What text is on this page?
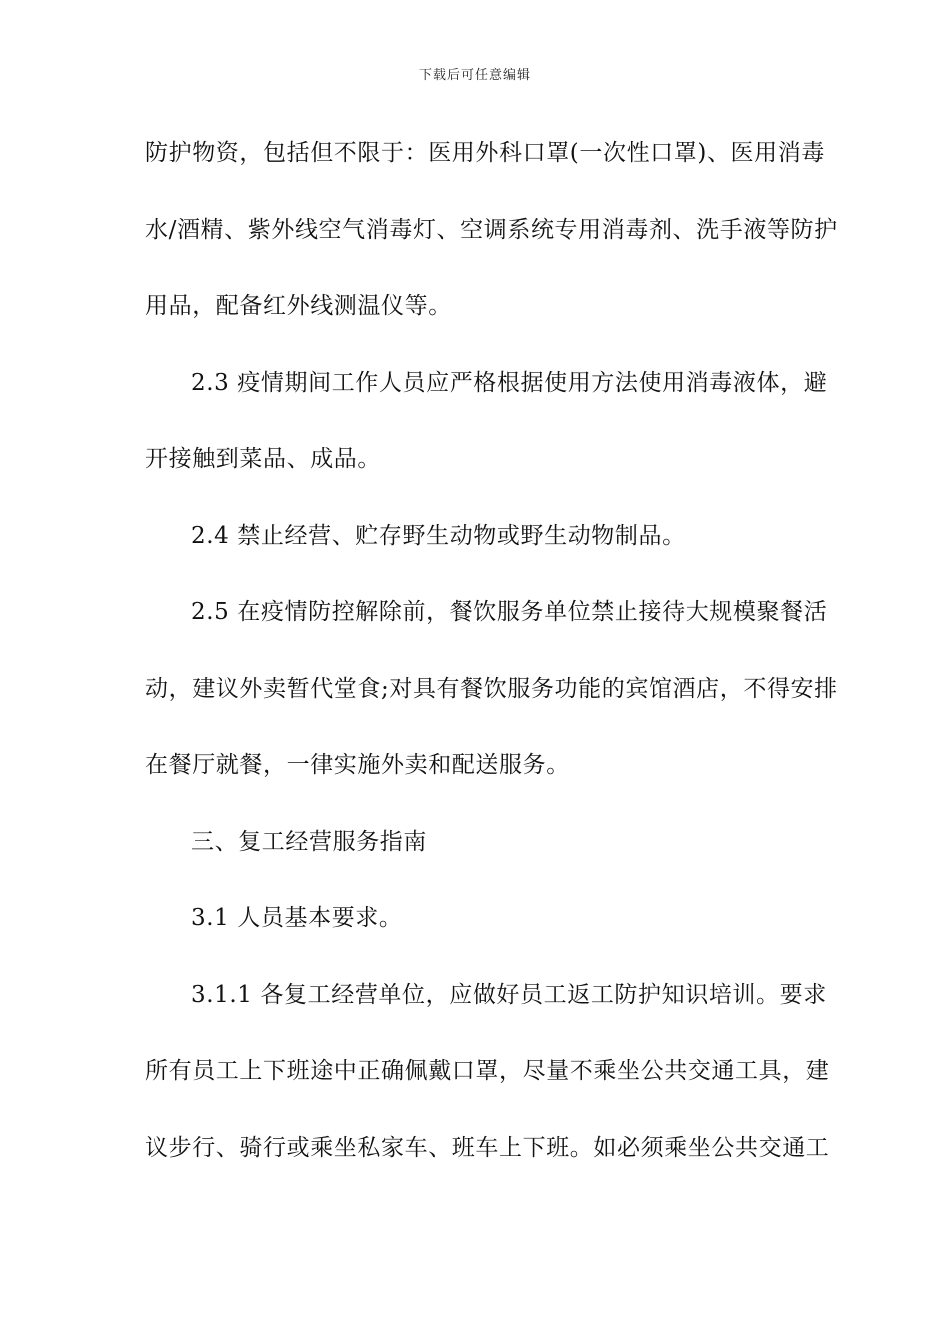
下载后可任意编辑
防护物资，包括但不限于：医用外科口罩(一次性口罩)、医用消毒
水/酒精、紫外线空气消毒灯、空调系统专用消毒剂、洗手液等防护
用品，配备红外线测温仪等。
2.3 疫情期间工作人员应严格根据使用方法使用消毒液体，避
开接触到菜品、成品。
2.4 禁止经营、贮存野生动物或野生动物制品。
2.5 在疫情防控解除前，餐饮服务单位禁止接待大规模聚餐活
动，建议外卖暂代堂食;对具有餐饮服务功能的宾馆酒店，不得安排
在餐厅就餐，一律实施外卖和配送服务。
三、复工经营服务指南
3.1 人员基本要求。
3.1.1 各复工经营单位，应做好员工返工防护知识培训。要求
所有员工上下班途中正确佩戴口罩，尽量不乘坐公共交通工具，建
议步行、骑行或乘坐私家车、班车上下班。如必须乘坐公共交通工
